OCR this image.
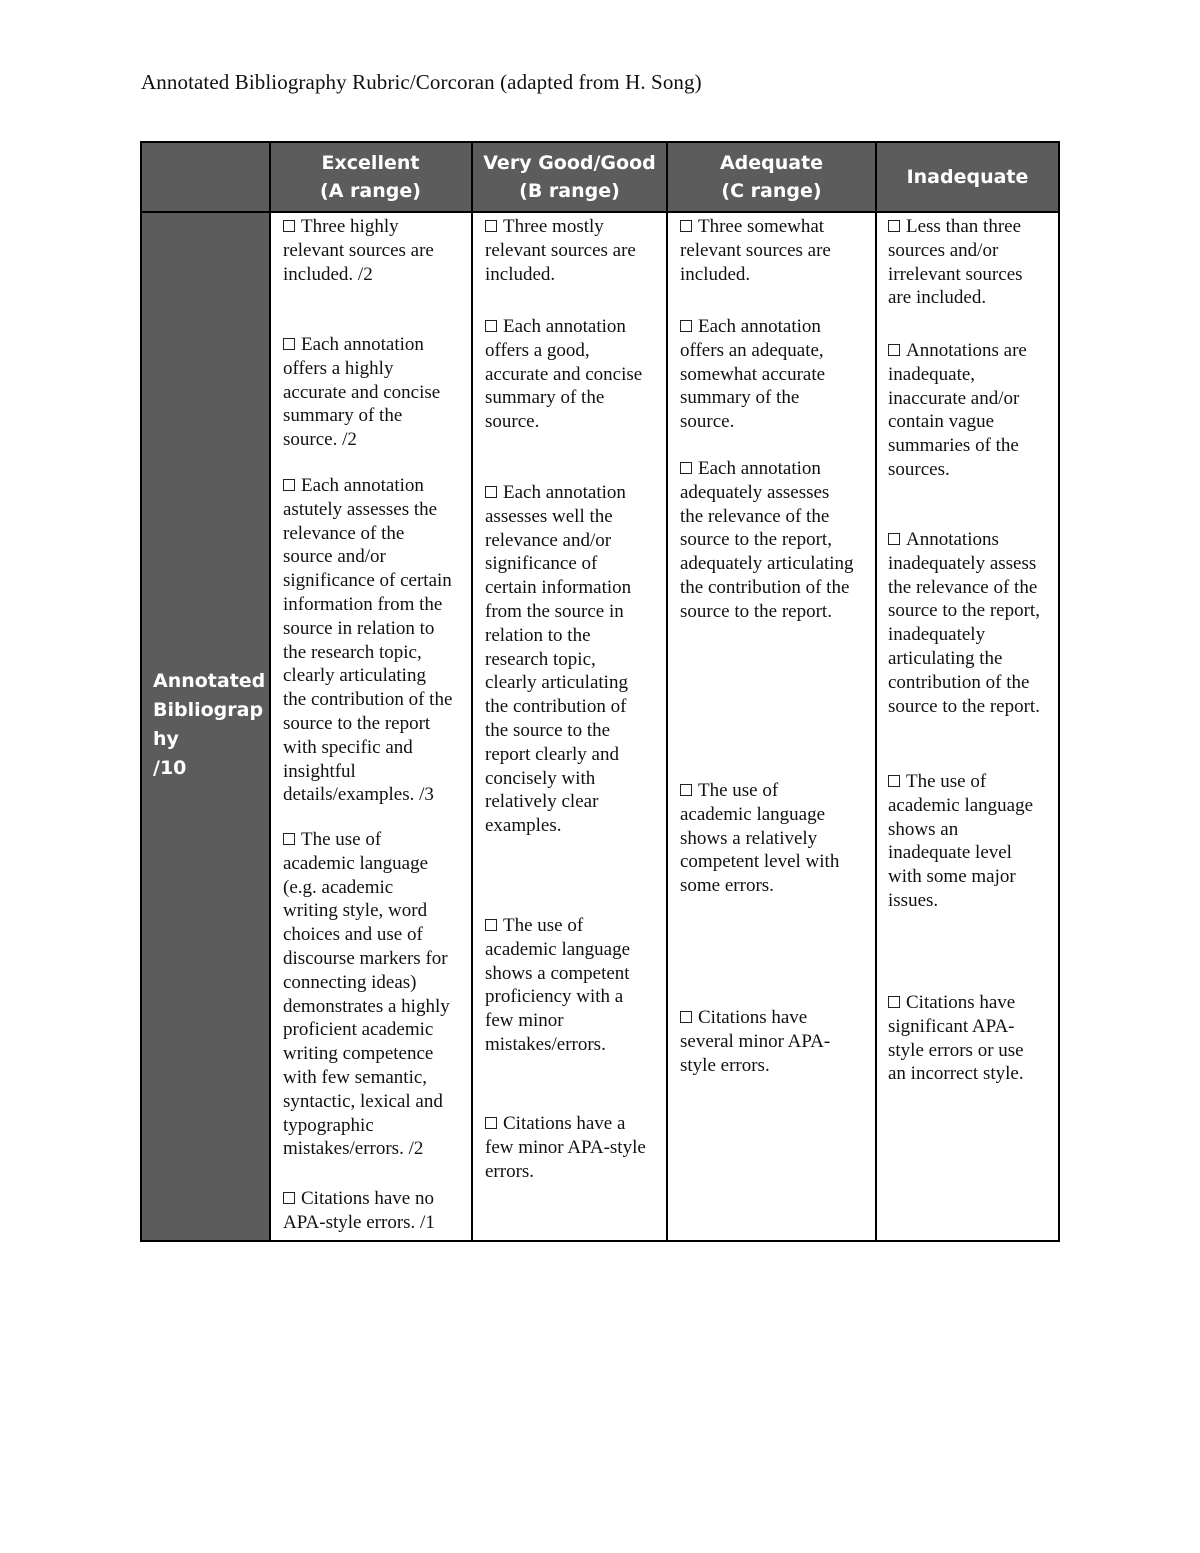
Annotated Bibliography Rubric/Corcoran (adapted from H. Song)
Excellent
(A range)
Very Good/Good
(B range)
Adequate
(C range)
Inadequate
Annotated
Bibliograp
hy
/10
Three highly
relevant sources are
included. /2
Each annotation
offers a highly
accurate and concise
summary of the
source. /2
Each annotation
astutely assesses the
relevance of the
source and/or
significance of certain
information from the
source in relation to
the research topic,
clearly articulating
the contribution of the
source to the report
with specific and
insightful
details/examples. /3
The use of
academic language
(e.g. academic
writing style, word
choices and use of
discourse markers for
connecting ideas)
demonstrates a highly
proficient academic
writing competence
with few semantic,
syntactic, lexical and
typographic
mistakes/errors. /2
Citations have no
APA-style errors. /1
Three mostly
relevant sources are
included.
Each annotation
offers a good,
accurate and concise
summary of the
source.
Each annotation
assesses well the
relevance and/or
significance of
certain information
from the source in
relation to the
research topic,
clearly articulating
the contribution of
the source to the
report clearly and
concisely with
relatively clear
examples.
The use of
academic language
shows a competent
proficiency with a
few minor
mistakes/errors.
Citations have a
few minor APA-style
errors.
Three somewhat
relevant sources are
included.
Each annotation
offers an adequate,
somewhat accurate
summary of the
source.
Each annotation
adequately assesses
the relevance of the
source to the report,
adequately articulating
the contribution of the
source to the report.
The use of
academic language
shows a relatively
competent level with
some errors.
Citations have
several minor APA-
style errors.
Less than three
sources and/or
irrelevant sources
are included.
Annotations are
inadequate,
inaccurate and/or
contain vague
summaries of the
sources.
Annotations
inadequately assess
the relevance of the
source to the report,
inadequately
articulating the
contribution of the
source to the report.
The use of
academic language
shows an
inadequate level
with some major
issues.
Citations have
significant APA-
style errors or use
an incorrect style.
